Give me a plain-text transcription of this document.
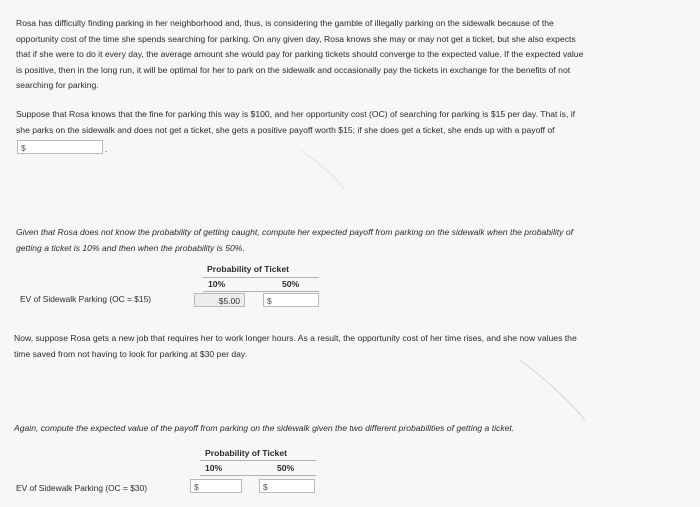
Rosa has difficulty finding parking in her neighborhood and, thus, is considering the gamble of illegally parking on the sidewalk because of the
opportunity cost of the time she spends searching for parking. On any given day, Rosa knows she may or may not get a ticket, but she also expects
that if she were to do it every day, the average amount she would pay for parking tickets should converge to the expected value. If the expected value
is positive, then in the long run, it will be optimal for her to park on the sidewalk and occasionally pay the tickets in exchange for the benefits of not
searching for parking.

Suppose that Rosa knows that the fine for parking this way is $100, and her opportunity cost (OC) of searching for parking is $15 per day. That is, if
she parks on the sidewalk and does not get a ticket, she gets a positive payoff worth $15; if she does get a ticket, she ends up with a payoff of

$	.

Given that Rosa does not know the probability of getting caught, compute her expected payoff from parking on the sidewalk when the probability of
getting a ticket is 10% and then when the probability is 50%.

Probability of Ticket
10%	50%
EV of Sidewalk Parking (OC = $15)	$5.00	$

Now, suppose Rosa gets a new job that requires her to work longer hours. As a result, the opportunity cost of her time rises, and she now values the
time saved from not having to look for parking at $30 per day.

Again, compute the expected value of the payoff from parking on the sidewalk given the two different probabilities of getting a ticket.

Probability of Ticket
10%	50%
EV of Sidewalk Parking (OC = $30)	$	$
